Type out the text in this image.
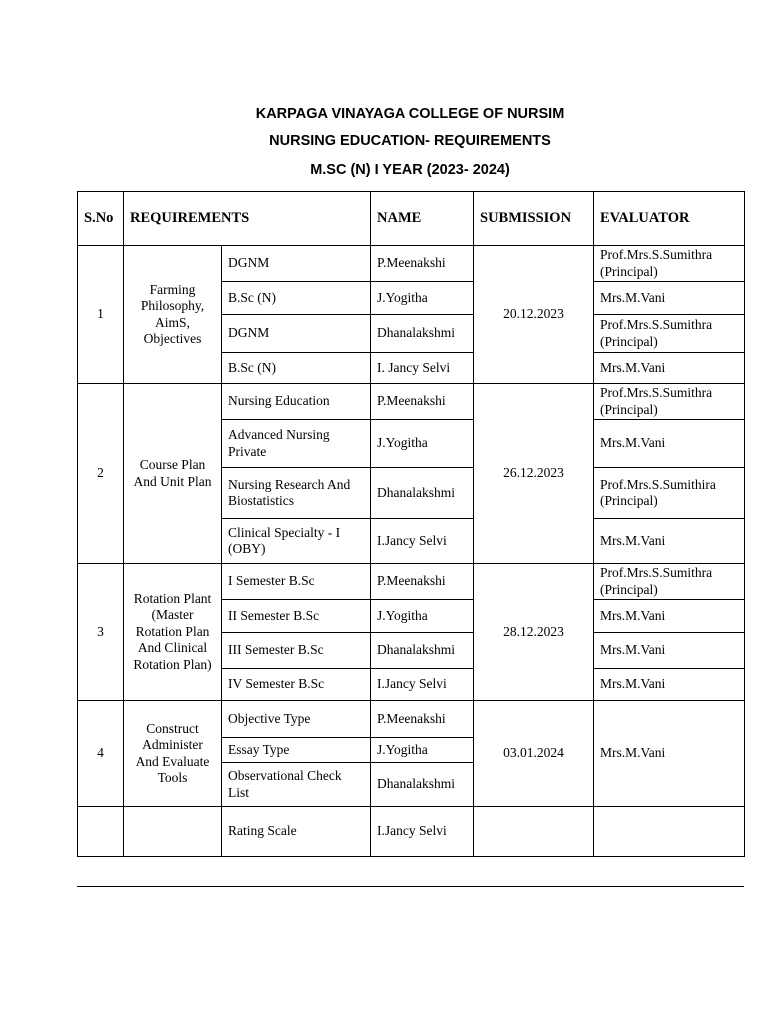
KARPAGA VINAYAGA COLLEGE OF NURSIM
NURSING EDUCATION- REQUIREMENTS
M.SC (N) I YEAR (2023- 2024)
S.No	REQUIREMENTS		NAME	SUBMISSION	EVALUATOR
1	Farming Philosophy, AimS, Objectives	DGNM	P.Meenakshi	20.12.2023	Prof.Mrs.S.Sumithra (Principal)
		B.Sc (N)	J.Yogitha		Mrs.M.Vani
		DGNM	Dhanalakshmi		Prof.Mrs.S.Sumithra (Principal)
		B.Sc (N)	I. Jancy Selvi		Mrs.M.Vani
2	Course Plan And Unit Plan	Nursing Education	P.Meenakshi	26.12.2023	Prof.Mrs.S.Sumithra (Principal)
		Advanced Nursing Private	J.Yogitha		Mrs.M.Vani
		Nursing Research And Biostatistics	Dhanalakshmi		Prof.Mrs.S.Sumithira (Principal)
		Clinical Specialty - I (OBY)	I.Jancy Selvi		Mrs.M.Vani
3	Rotation Plant (Master Rotation Plan And Clinical Rotation Plan)	I Semester B.Sc	P.Meenakshi	28.12.2023	Prof.Mrs.S.Sumithra (Principal)
		II Semester B.Sc	J.Yogitha		Mrs.M.Vani
		III Semester B.Sc	Dhanalakshmi		Mrs.M.Vani
		IV Semester B.Sc	I.Jancy Selvi		Mrs.M.Vani
4	Construct Administer And Evaluate Tools	Objective Type	P.Meenakshi	03.01.2024	Mrs.M.Vani
		Essay Type	J.Yogitha		
		Observational Check List	Dhanalakshmi		
		Rating Scale	I.Jancy Selvi		
